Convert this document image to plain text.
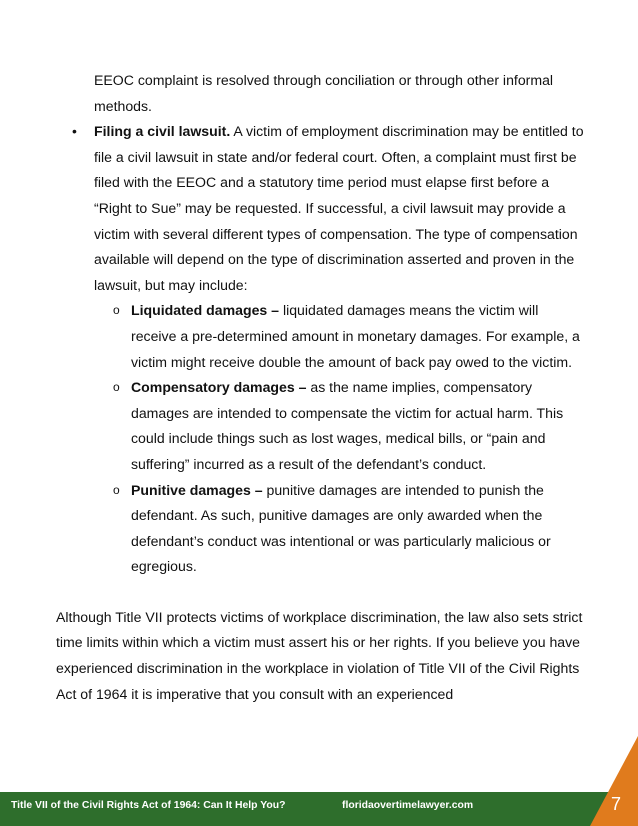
EEOC complaint is resolved through conciliation or through other informal methods.
• Filing a civil lawsuit. A victim of employment discrimination may be entitled to file a civil lawsuit in state and/or federal court. Often, a complaint must first be filed with the EEOC and a statutory time period must elapse first before a “Right to Sue” may be requested. If successful, a civil lawsuit may provide a victim with several different types of compensation. The type of compensation available will depend on the type of discrimination asserted and proven in the lawsuit, but may include:
o Liquidated damages – liquidated damages means the victim will receive a pre-determined amount in monetary damages. For example, a victim might receive double the amount of back pay owed to the victim.
o Compensatory damages – as the name implies, compensatory damages are intended to compensate the victim for actual harm. This could include things such as lost wages, medical bills, or “pain and suffering” incurred as a result of the defendant’s conduct.
o Punitive damages – punitive damages are intended to punish the defendant. As such, punitive damages are only awarded when the defendant’s conduct was intentional or was particularly malicious or egregious.
Although Title VII protects victims of workplace discrimination, the law also sets strict time limits within which a victim must assert his or her rights. If you believe you have experienced discrimination in the workplace in violation of Title VII of the Civil Rights Act of 1964 it is imperative that you consult with an experienced
Title VII of the Civil Rights Act of 1964: Can It Help You?	floridaovertimelawyer.com	7
